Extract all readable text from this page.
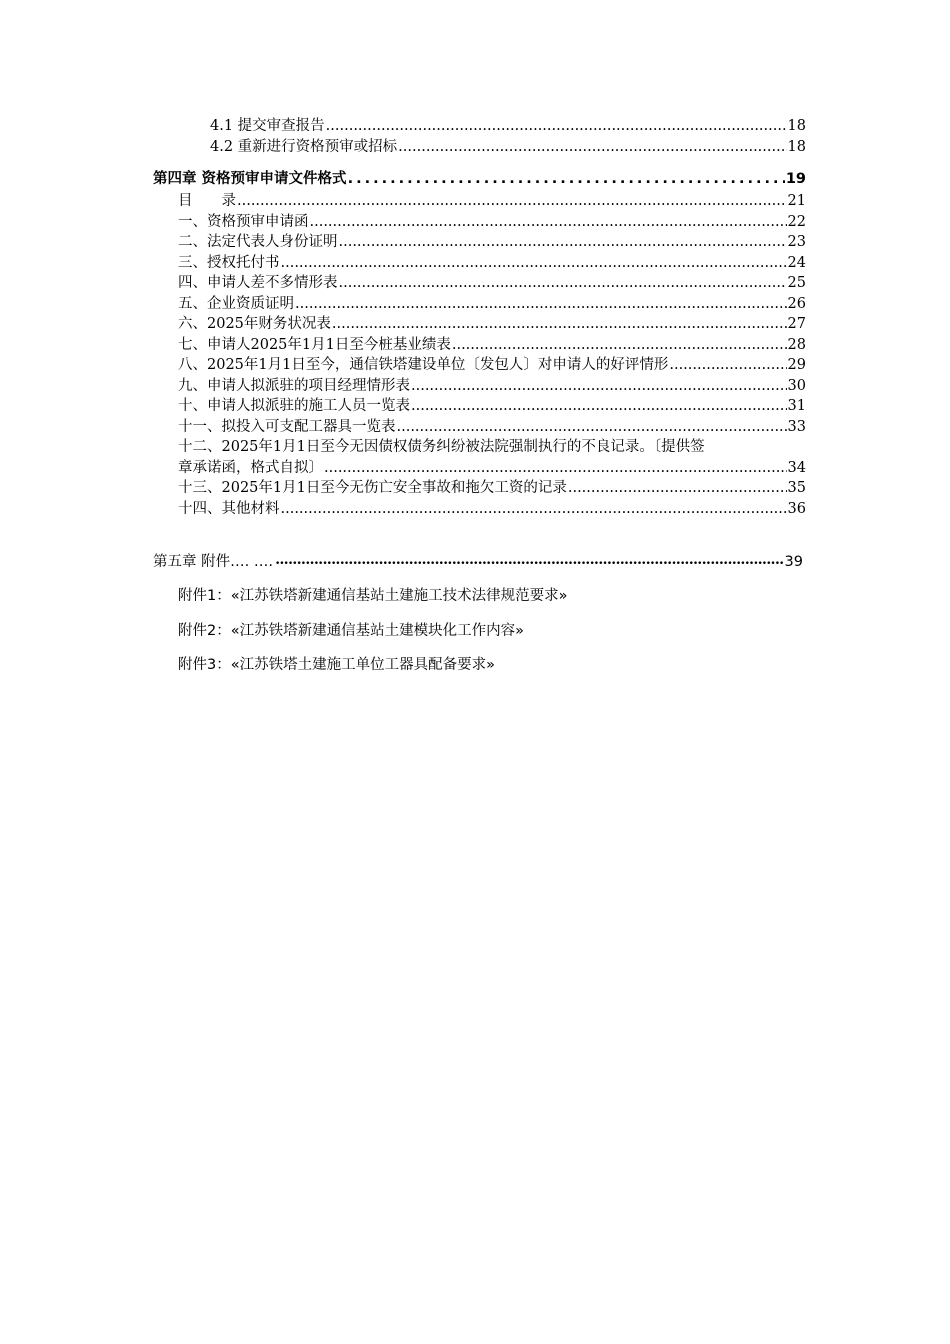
4.1 提交审查报告 .....	18
4.2 重新进行资格预审或招标 .....	18
第四章 资格预审申请文件格式 .....	19
目　　录 .....	21
一、资格预审申请函 .....	22
二、法定代表人身份证明 .....	23
三、授权托付书 .....	24
四、申请人差不多情形表 .....	25
五、企业资质证明 .....	26
六、2025年财务状况表 .....	27
七、申请人2025年1月1日至今桩基业绩表 .....	28
八、2025年1月1日至今，通信铁塔建设单位〔发包人〕对申请人的好评情形 .....	29
九、申请人拟派驻的项目经理情形表 .....	30
十、申请人拟派驻的施工人员一览表 .....	31
十一、拟投入可支配工器具一览表 .....	33
十二、2025年1月1日至今无因债权债务纠纷被法院强制执行的不良记录。〔提供签
章承诺函，格式自拟〕 .....	34
十三、2025年1月1日至今无伤亡安全事故和拖欠工资的记录 .....	35
十四、其他材料 .....	36
第五章 附件…. …. •••••	39
附件1：«江苏铁塔新建通信基站土建施工技术法律规范要求»
附件2：«江苏铁塔新建通信基站土建模块化工作内容»
附件3：«江苏铁塔土建施工单位工器具配备要求»
